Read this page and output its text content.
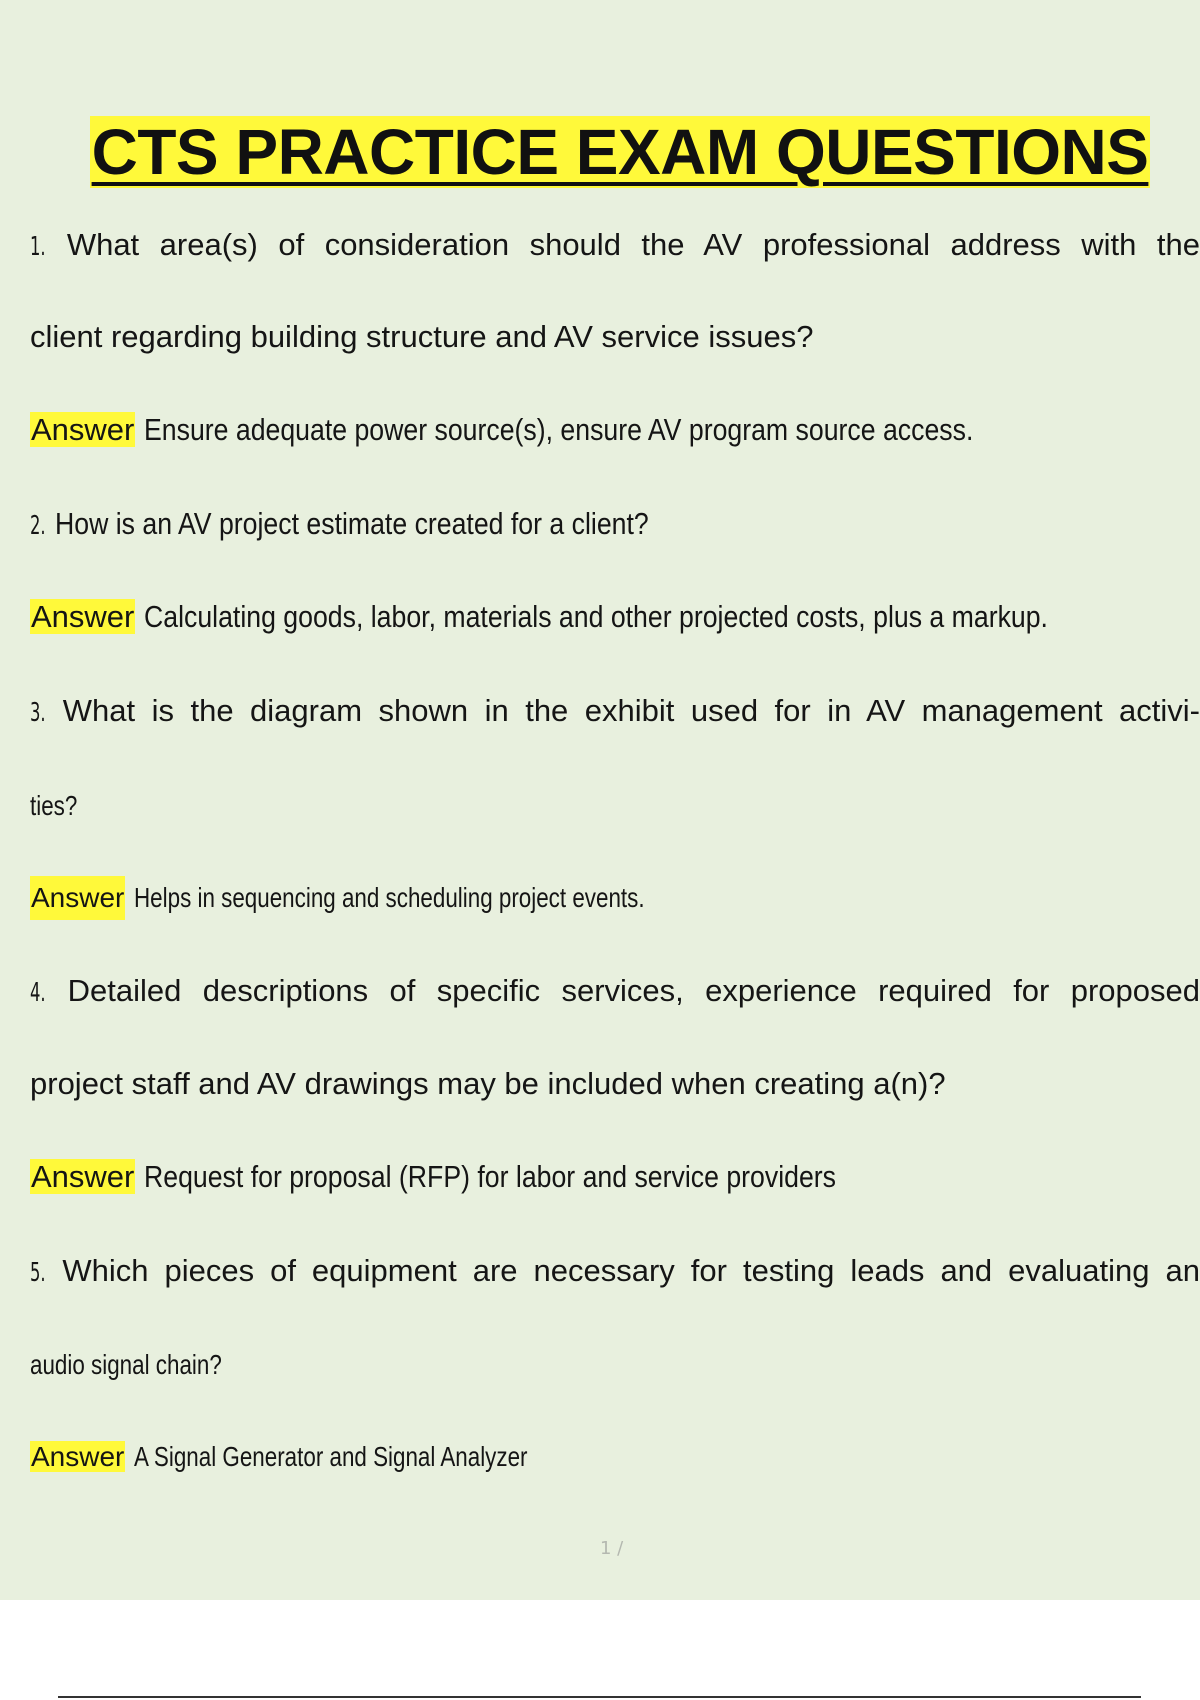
CTS PRACTICE EXAM QUESTIONS
1. What area(s) of consideration should the AV professional address with the
client regarding building structure and AV service issues?
Answer Ensure adequate power source(s), ensure AV program source access.
2. How is an AV project estimate created for a client?
Answer Calculating goods, labor, materials and other projected costs, plus a markup.
3. What is the diagram shown in the exhibit used for in AV management activi-
ties?
Answer Helps in sequencing and scheduling project events.
4. Detailed descriptions of specific services, experience required for proposed
project staff and AV drawings may be included when creating a(n)?
Answer Request for proposal (RFP) for labor and service providers
5. Which pieces of equipment are necessary for testing leads and evaluating an
audio signal chain?
Answer A Signal Generator and Signal Analyzer
1 /
